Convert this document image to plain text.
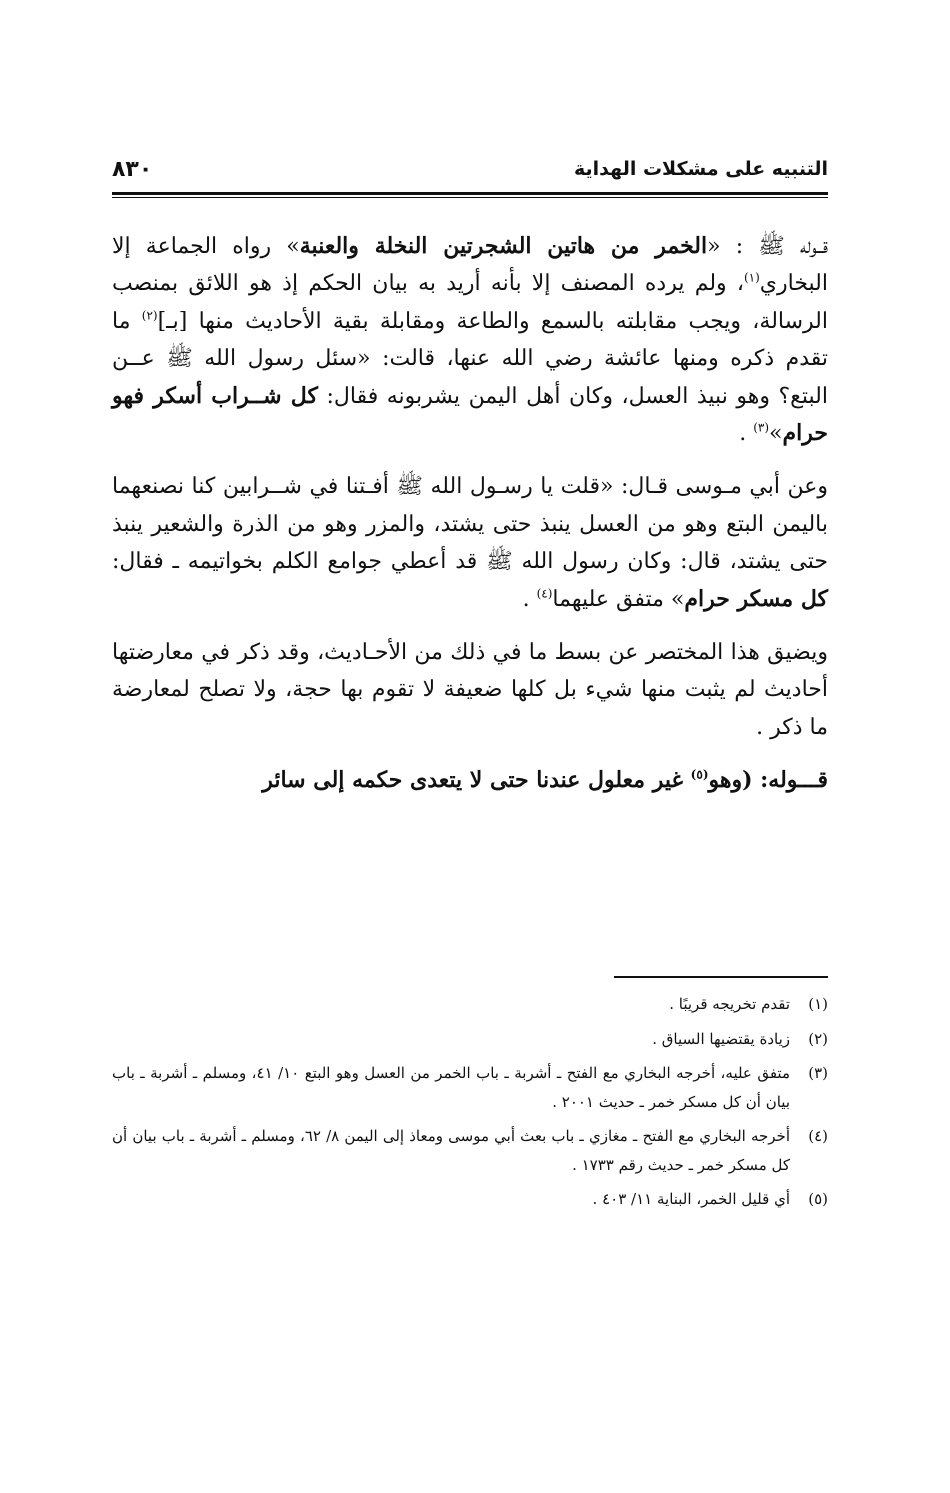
٨٣٠	التنبيه على مشكلات الهداية

قــوله ﷺ : «الخمر من هاتين الشجرتين النخلة والعنبة» رواه الجماعة إلا البخاري$^{(١)}$، ولم يرده المصنف إلا بأنه أريد به بيان الحكم إذ هو اللائق بمنصب الرسالة، ويجب مقابلته بالسمع والطاعة ومقابلة بقية الأحاديث منها [بـ]$^{(٢)}$ ما تقدم ذكره ومنها عائشة رضي الله عنها، قالت: «سئل رسول الله ﷺ عــن البتع؟ وهو نبيذ العسل، وكان أهل اليمن يشربونه فقال: كل شــراب أسكر فهو حرام»$^{(٣)}$ .

وعن أبي مـوسى قـال: «قلت يا رسـول الله ﷺ أفـتنا في شــرابين كنا نصنعهما باليمن البتع وهو من العسل ينبذ حتى يشتد، والمزر وهو من الذرة والشعير ينبذ حتى يشتد، قال: وكان رسول الله ﷺ قد أعطي جوامع الكلم بخواتيمه ـ فقال: كل مسكر حرام» متفق عليهما$^{(٤)}$ .

ويضيق هذا المختصر عن بسط ما في ذلك من الأحـاديث، وقد ذكر في معارضتها أحاديث لم يثبت منها شيء بل كلها ضعيفة لا تقوم بها حجة، ولا تصلح لمعارضة ما ذكر .

قـــوله: (وهو$^{(٥)}$ غير معلول عندنا حتى لا يتعدى حكمه إلى سائر

(١)
تقدم تخريجه قريبًا .
(٢)
زيادة يقتضيها السياق .
(٣)
متفق عليه، أخرجه البخاري مع الفتح ـ أشربة ـ باب الخمر من العسل وهو البتع ١٠/ ٤١، ومسلم ـ أشربة ـ باب بيان أن كل مسكر خمر ـ حديث ٢٠٠١ .
(٤)
أخرجه البخاري مع الفتح ـ مغازي ـ باب بعث أبي موسى ومعاذ إلى اليمن ٨/ ٦٢، ومسلم ـ أشربة ـ باب بيان أن كل مسكر خمر ـ حديث رقم ١٧٣٣ .
(٥)
أي قليل الخمر، البناية ١١/ ٤٠٣ .
